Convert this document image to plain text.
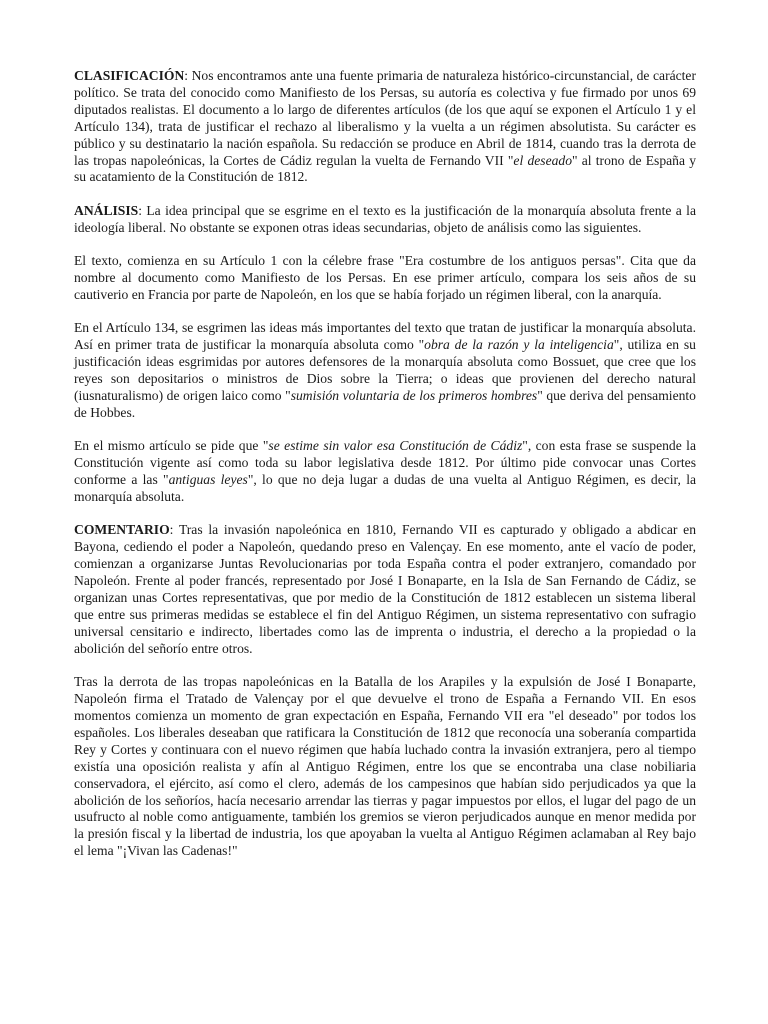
CLASIFICACIÓN: Nos encontramos ante una fuente primaria de naturaleza histórico-circunstancial, de carácter político. Se trata del conocido como Manifiesto de los Persas, su autoría es colectiva y fue firmado por unos 69 diputados realistas. El documento a lo largo de diferentes artículos (de los que aquí se exponen el Artículo 1 y el Artículo 134), trata de justificar el rechazo al liberalismo y la vuelta a un régimen absolutista. Su carácter es público y su destinatario la nación española. Su redacción se produce en Abril de 1814, cuando tras la derrota de las tropas napoleónicas, la Cortes de Cádiz regulan la vuelta de Fernando VII "el deseado" al trono de España y su acatamiento de la Constitución de 1812.

ANÁLISIS: La idea principal que se esgrime en el texto es la justificación de la monarquía absoluta frente a la ideología liberal. No obstante se exponen otras ideas secundarias, objeto de análisis como las siguientes.

El texto, comienza en su Artículo 1 con la célebre frase "Era costumbre de los antiguos persas". Cita que da nombre al documento como Manifiesto de los Persas. En ese primer artículo, compara los seis años de su cautiverio en Francia por parte de Napoleón, en los que se había forjado un régimen liberal, con la anarquía.

En el Artículo 134, se esgrimen las ideas más importantes del texto que tratan de justificar la monarquía absoluta. Así en primer trata de justificar la monarquía absoluta como "obra de la razón y la inteligencia", utiliza en su justificación ideas esgrimidas por autores defensores de la monarquía absoluta como Bossuet, que cree que los reyes son depositarios o ministros de Dios sobre la Tierra; o ideas que provienen del derecho natural (iusnaturalismo) de origen laico como "sumisión voluntaria de los primeros hombres" que deriva del pensamiento de Hobbes.

En el mismo artículo se pide que "se estime sin valor esa Constitución de Cádiz", con esta frase se suspende la Constitución vigente así como toda su labor legislativa desde 1812. Por último pide convocar unas Cortes conforme a las "antiguas leyes", lo que no deja lugar a dudas de una vuelta al Antiguo Régimen, es decir, la monarquía absoluta.

COMENTARIO: Tras la invasión napoleónica en 1810, Fernando VII es capturado y obligado a abdicar en Bayona, cediendo el poder a Napoleón, quedando preso en Valençay. En ese momento, ante el vacío de poder, comienzan a organizarse Juntas Revolucionarias por toda España contra el poder extranjero, comandado por Napoleón. Frente al poder francés, representado por José I Bonaparte, en la Isla de San Fernando de Cádiz, se organizan unas Cortes representativas, que por medio de la Constitución de 1812 establecen un sistema liberal que entre sus primeras medidas se establece el fin del Antiguo Régimen, un sistema representativo con sufragio universal censitario e indirecto, libertades como las de imprenta o industria, el derecho a la propiedad o la abolición del señorío entre otros.

Tras la derrota de las tropas napoleónicas en la Batalla de los Arapiles y la expulsión de José I Bonaparte, Napoleón firma el Tratado de Valençay por el que devuelve el trono de España a Fernando VII. En esos momentos comienza un momento de gran expectación en España, Fernando VII era "el deseado" por todos los españoles. Los liberales deseaban que ratificara la Constitución de 1812 que reconocía una soberanía compartida Rey y Cortes y continuara con el nuevo régimen que había luchado contra la invasión extranjera, pero al tiempo existía una oposición realista y afín al Antiguo Régimen, entre los que se encontraba una clase nobiliaria conservadora, el ejército, así como el clero, además de los campesinos que habían sido perjudicados ya que la abolición de los señoríos, hacía necesario arrendar las tierras y pagar impuestos por ellos, el lugar del pago de un usufructo al noble como antiguamente, también los gremios se vieron perjudicados aunque en menor medida por la presión fiscal y la libertad de industria, los que apoyaban la vuelta al Antiguo Régimen aclamaban al Rey bajo el lema "¡Vivan las Cadenas!"
